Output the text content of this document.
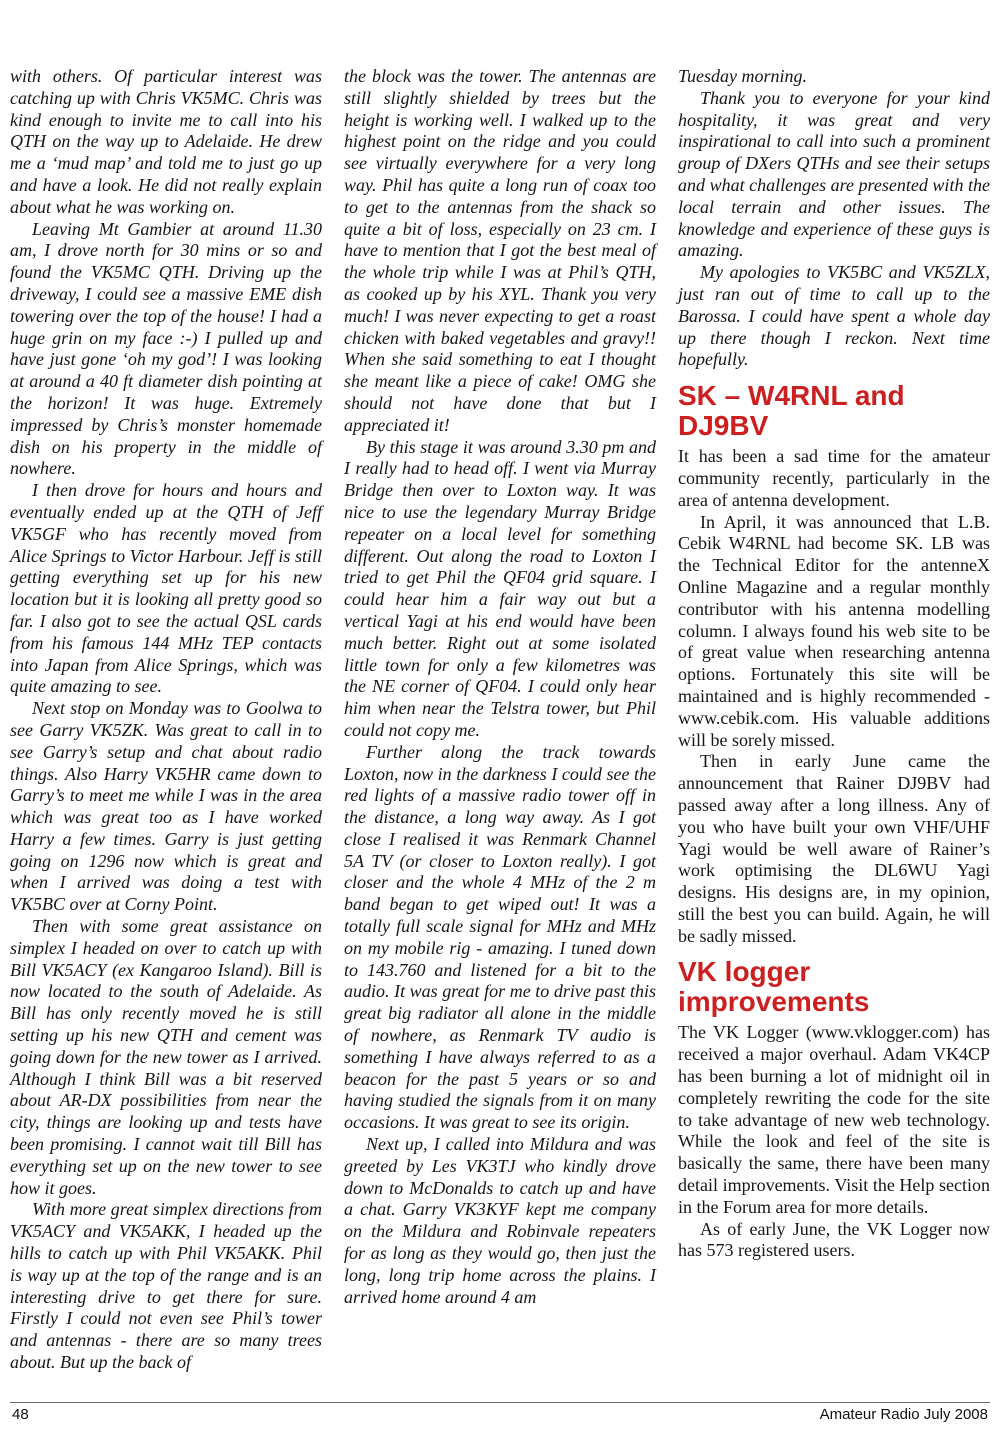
with others. Of particular interest was catching up with Chris VK5MC. Chris was kind enough to invite me to call into his QTH on the way up to Adelaide. He drew me a ‘mud map’ and told me to just go up and have a look. He did not really explain about what he was working on.

Leaving Mt Gambier at around 11.30 am, I drove north for 30 mins or so and found the VK5MC QTH. Driving up the driveway, I could see a massive EME dish towering over the top of the house! I had a huge grin on my face :-) I pulled up and have just gone ‘oh my god’! I was looking at around a 40 ft diameter dish pointing at the horizon! It was huge. Extremely impressed by Chris’s monster homemade dish on his property in the middle of nowhere.

I then drove for hours and hours and eventually ended up at the QTH of Jeff VK5GF who has recently moved from Alice Springs to Victor Harbour. Jeff is still getting everything set up for his new location but it is looking all pretty good so far. I also got to see the actual QSL cards from his famous 144 MHz TEP contacts into Japan from Alice Springs, which was quite amazing to see.

Next stop on Monday was to Goolwa to see Garry VK5ZK. Was great to call in to see Garry’s setup and chat about radio things. Also Harry VK5HR came down to Garry’s to meet me while I was in the area which was great too as I have worked Harry a few times. Garry is just getting going on 1296 now which is great and when I arrived was doing a test with VK5BC over at Corny Point.

Then with some great assistance on simplex I headed on over to catch up with Bill VK5ACY (ex Kangaroo Island). Bill is now located to the south of Adelaide. As Bill has only recently moved he is still setting up his new QTH and cement was going down for the new tower as I arrived. Although I think Bill was a bit reserved about AR-DX possibilities from near the city, things are looking up and tests have been promising. I cannot wait till Bill has everything set up on the new tower to see how it goes.

With more great simplex directions from VK5ACY and VK5AKK, I headed up the hills to catch up with Phil VK5AKK. Phil is way up at the top of the range and is an interesting drive to get there for sure. Firstly I could not even see Phil’s tower and antennas - there are so many trees about. But up the back of

the block was the tower. The antennas are still slightly shielded by trees but the height is working well. I walked up to the highest point on the ridge and you could see virtually everywhere for a very long way. Phil has quite a long run of coax too to get to the antennas from the shack so quite a bit of loss, especially on 23 cm. I have to mention that I got the best meal of the whole trip while I was at Phil’s QTH, as cooked up by his XYL. Thank you very much! I was never expecting to get a roast chicken with baked vegetables and gravy!! When she said something to eat I thought she meant like a piece of cake! OMG she should not have done that but I appreciated it!

By this stage it was around 3.30 pm and I really had to head off. I went via Murray Bridge then over to Loxton way. It was nice to use the legendary Murray Bridge repeater on a local level for something different. Out along the road to Loxton I tried to get Phil the QF04 grid square. I could hear him a fair way out but a vertical Yagi at his end would have been much better. Right out at some isolated little town for only a few kilometres was the NE corner of QF04. I could only hear him when near the Telstra tower, but Phil could not copy me.

Further along the track towards Loxton, now in the darkness I could see the red lights of a massive radio tower off in the distance, a long way away. As I got close I realised it was Renmark Channel 5A TV (or closer to Loxton really). I got closer and the whole 4 MHz of the 2 m band began to get wiped out! It was a totally full scale signal for MHz and MHz on my mobile rig - amazing. I tuned down to 143.760 and listened for a bit to the audio. It was great for me to drive past this great big radiator all alone in the middle of nowhere, as Renmark TV audio is something I have always referred to as a beacon for the past 5 years or so and having studied the signals from it on many occasions. It was great to see its origin.

Next up, I called into Mildura and was greeted by Les VK3TJ who kindly drove down to McDonalds to catch up and have a chat. Garry VK3KYF kept me company on the Mildura and Robinvale repeaters for as long as they would go, then just the long, long trip home across the plains. I arrived home around 4 am

Tuesday morning.

Thank you to everyone for your kind hospitality, it was great and very inspirational to call into such a prominent group of DXers QTHs and see their setups and what challenges are presented with the local terrain and other issues. The knowledge and experience of these guys is amazing.

My apologies to VK5BC and VK5ZLX, just ran out of time to call up to the Barossa. I could have spent a whole day up there though I reckon. Next time hopefully.

SK – W4RNL and DJ9BV

It has been a sad time for the amateur community recently, particularly in the area of antenna development.

In April, it was announced that L.B. Cebik W4RNL had become SK. LB was the Technical Editor for the antenneX Online Magazine and a regular monthly contributor with his antenna modelling column. I always found his web site to be of great value when researching antenna options. Fortunately this site will be maintained and is highly recommended - www.cebik.com. His valuable additions will be sorely missed.

Then in early June came the announcement that Rainer DJ9BV had passed away after a long illness. Any of you who have built your own VHF/UHF Yagi would be well aware of Rainer’s work optimising the DL6WU Yagi designs. His designs are, in my opinion, still the best you can build. Again, he will be sadly missed.

VK logger improvements

The VK Logger (www.vklogger.com) has received a major overhaul. Adam VK4CP has been burning a lot of midnight oil in completely rewriting the code for the site to take advantage of new web technology. While the look and feel of the site is basically the same, there have been many detail improvements. Visit the Help section in the Forum area for more details.

As of early June, the VK Logger now has 573 registered users.

48	Amateur Radio July 2008
